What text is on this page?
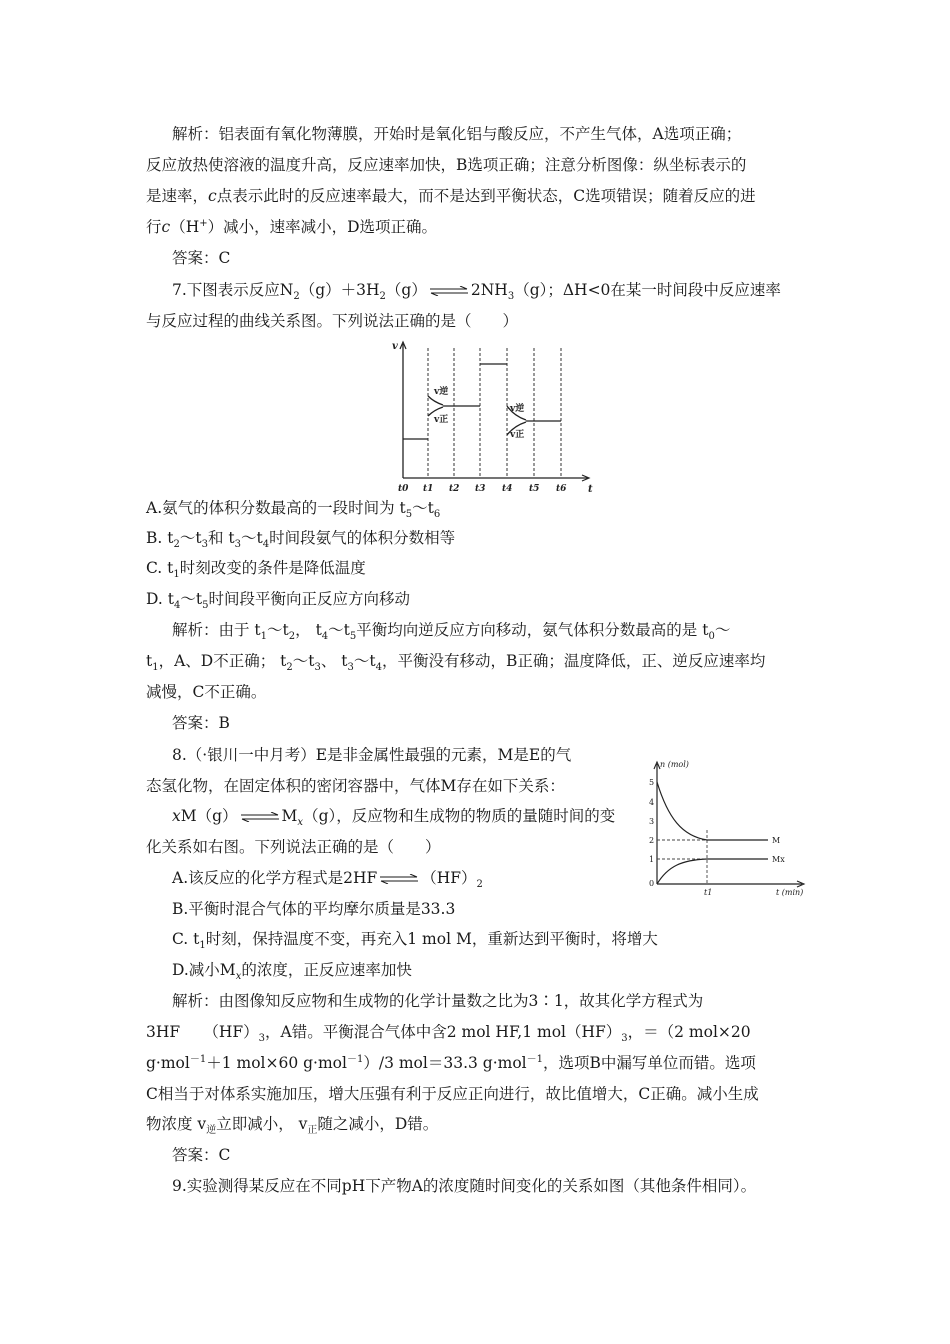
解析：铝表面有氧化物薄膜，开始时是氧化铝与酸反应，不产生气体，A选项正确；
反应放热使溶液的温度升高，反应速率加快，B选项正确；注意分析图像：纵坐标表示的
是速率，c点表示此时的反应速率最大，而不是达到平衡状态，C选项错误；随着反应的进
行c（H+）减小，速率减小，D选项正确。
答案：C
7.下图表示反应$N_2(g)+3H_2(g)$ ⇌ $2NH_3(g)$；ΔH<0在某一时间段中反应速率
与反应过程的曲线关系图。下列说法正确的是（　　）
v
t
v逆
v正
v逆
v正
t0 t1 t2 t3 t4 t5 t6
A.氨气的体积分数最高的一段时间为 $t_5\sim t_6$
B. $t_2\sim t_3$和 $t_3\sim t_4$时间段氨气的体积分数相等
C. $t_1$时刻改变的条件是降低温度
D. $t_4\sim t_5$时间段平衡向正反应方向移动
解析：由于 $t_1\sim t_2$， $t_4\sim t_5$平衡均向逆反应方向移动，氨气体积分数最高的是 $t_0\sim$
$t_1$，A、D不正确； $t_2\sim t_3$、 $t_3\sim t_4$，平衡没有移动，B正确；温度降低，正、逆反应速率均
减慢，C不正确。
答案：B
8.（·银川一中月考）E是非金属性最强的元素，M是E的气
态氢化物，在固定体积的密闭容器中，气体M存在如下关系：
xM（g） ⇌ $M_x(g)$，反应物和生成物的物质的量随时间的变
化关系如右图。下列说法正确的是（　　）
A.该反应的化学方程式是2HF ⇌ $(HF)_2$
B.平衡时混合气体的平均摩尔质量是33.3
C. $t_1$时刻，保持温度不变，再充入1 mol M，重新达到平衡时，将增大
D.减小$M_x$的浓度，正反应速率加快
n (mol)
t (min)
5
4
3
2
1
0
t1
M
Mx
解析：由图像知反应物和生成物的化学计量数之比为3∶1，故其化学方程式为
3HF　　$(HF)_3$，A错。平衡混合气体中含2 mol HF,1 $mol(HF)_3$，＝（2 mol×20
g·mol$^{-1}$＋1 mol×60 g·mol$^{-1}$）/3 mol＝33.3 g·mol$^{-1}$，选项B中漏写单位而错。选项
C相当于对体系实施加压，增大压强有利于反应正向进行，故比值增大，C正确。减小生成
物浓度 $v_逆$立即减小， $v_正$随之减小，D错。
答案：C
9.实验测得某反应在不同pH下产物A的浓度随时间变化的关系如图（其他条件相同）。
